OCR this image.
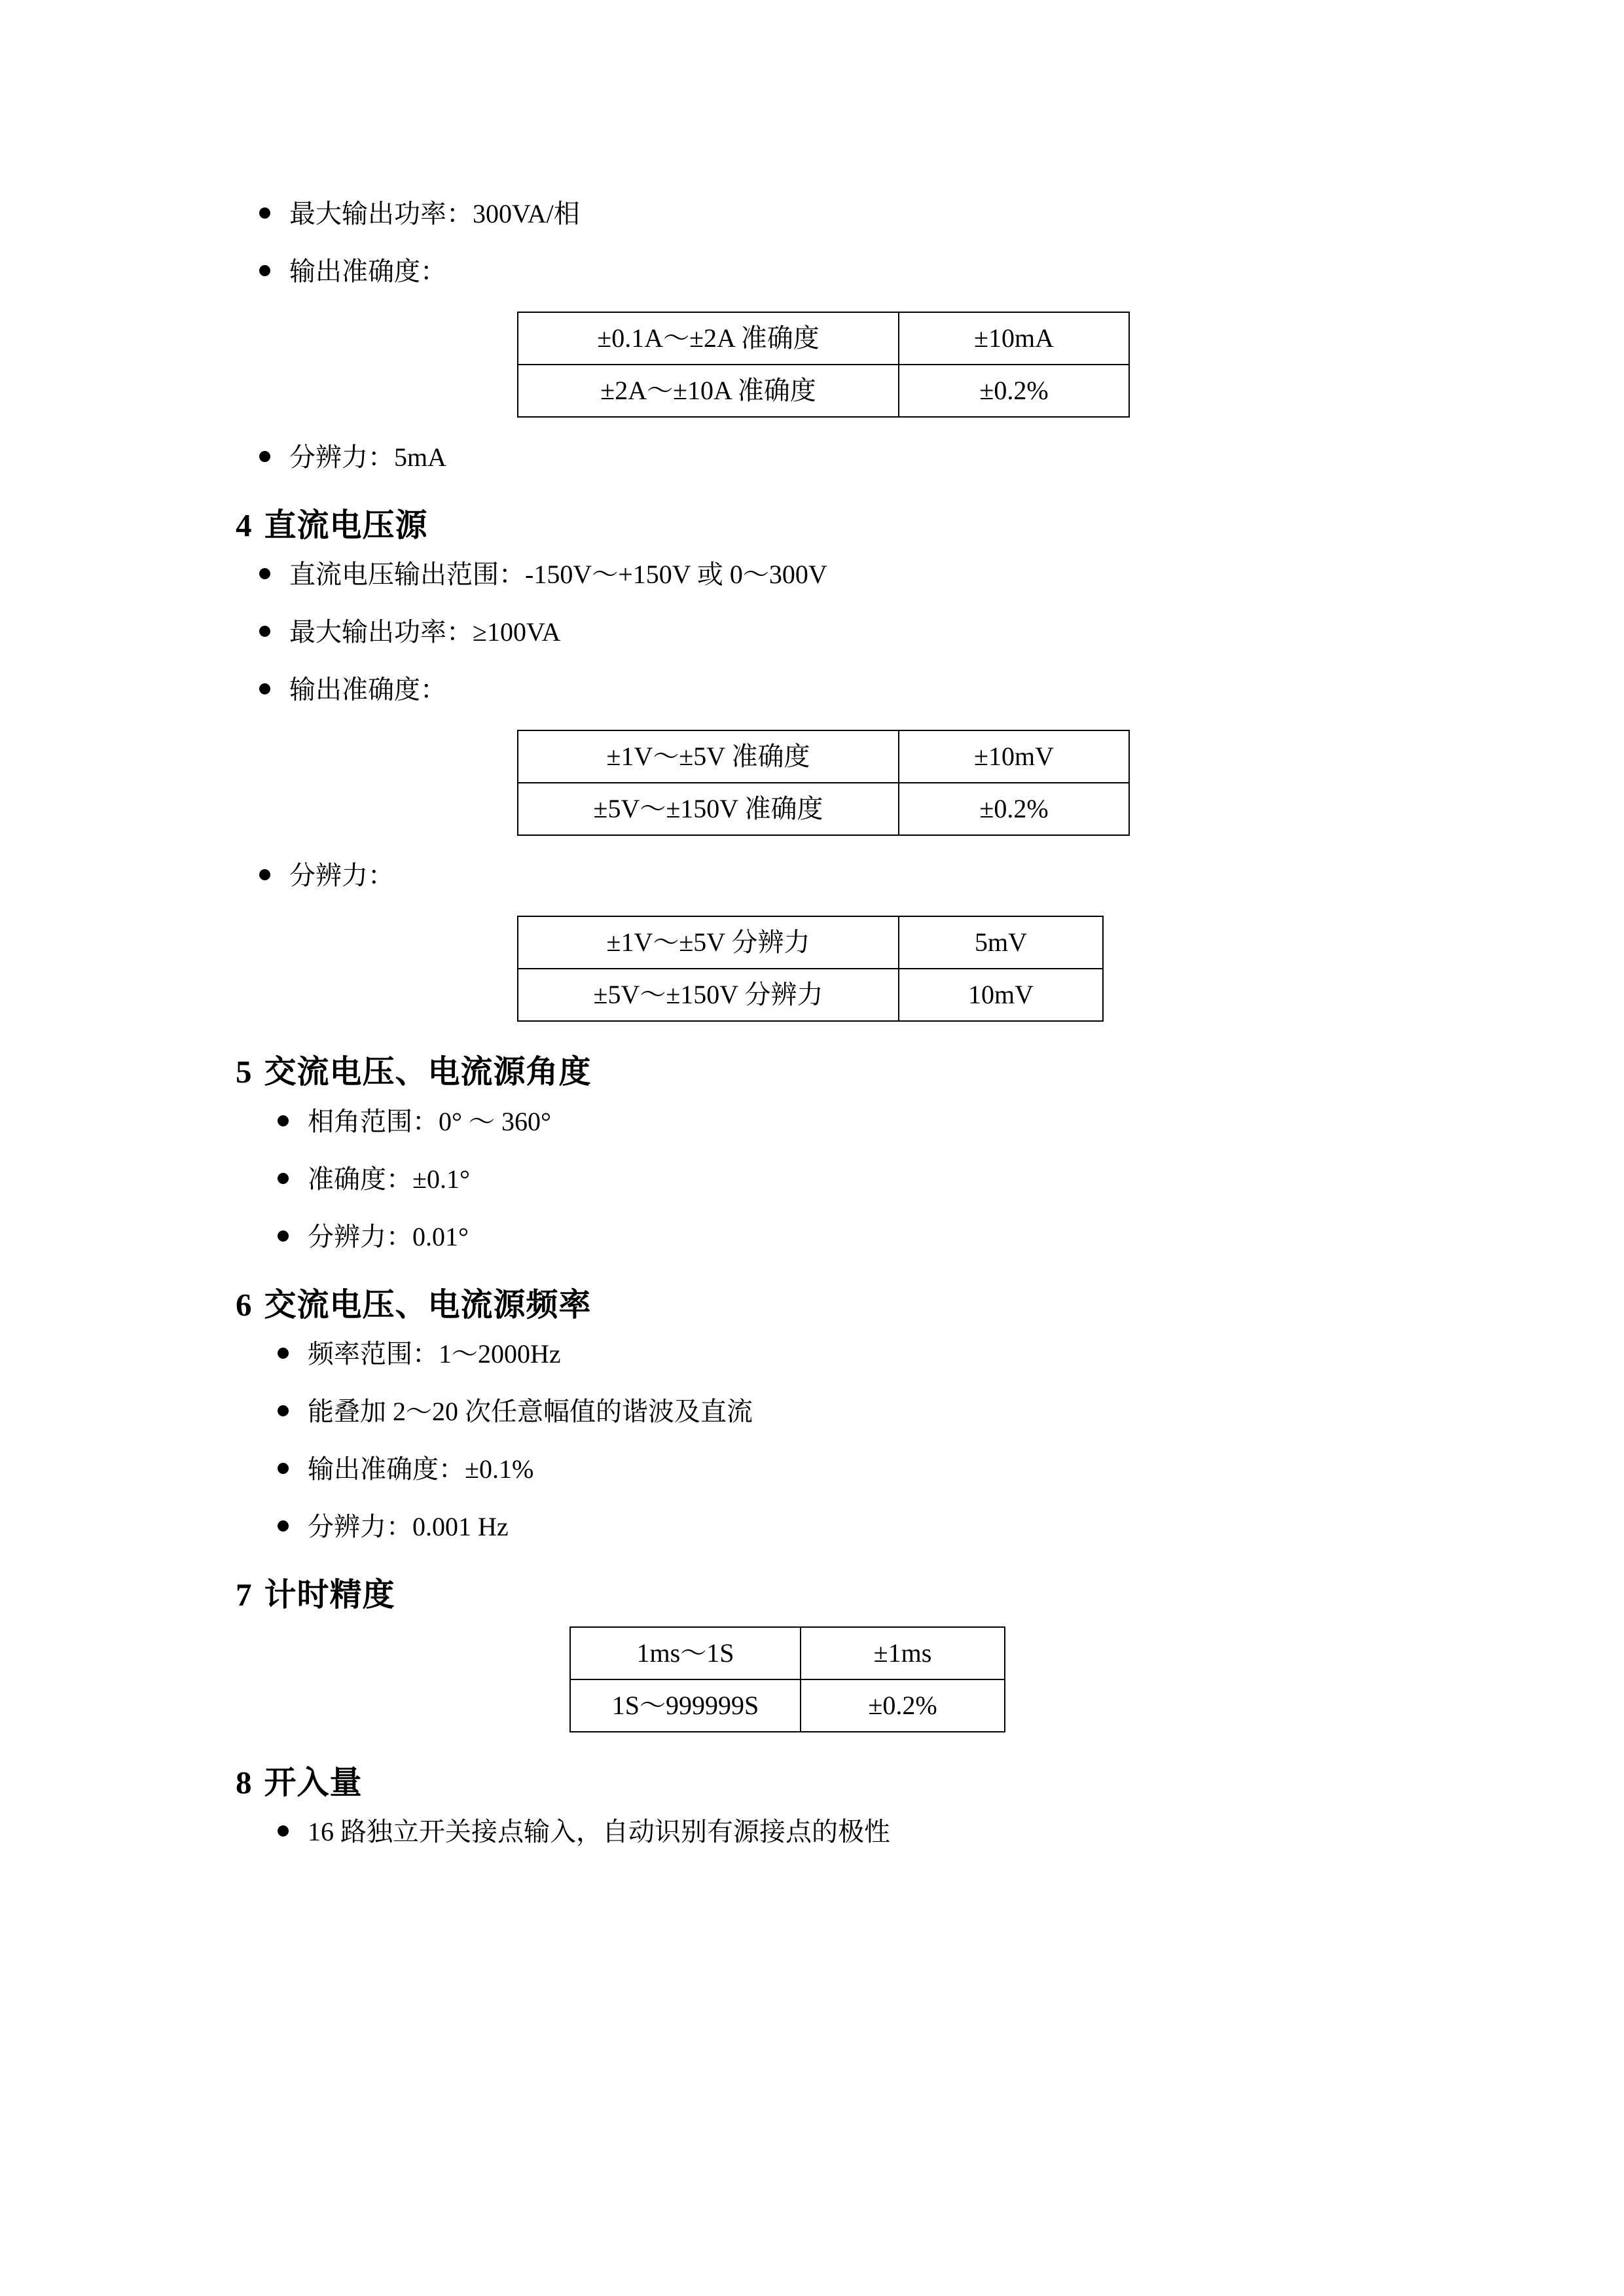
最大输出功率：300VA/相
输出准确度：
±0.1A～±2A 准确度	±10mA
±2A～±10A 准确度	±0.2%
分辨力：5mA
4 直流电压源
直流电压输出范围：-150V～+150V 或 0～300V
最大输出功率：≥100VA
输出准确度：
±1V～±5V 准确度	±10mV
±5V～±150V 准确度	±0.2%
分辨力：
±1V～±5V 分辨力	5mV
±5V～±150V 分辨力	10mV
5 交流电压、电流源角度
相角范围：0° ～ 360°
准确度：±0.1°
分辨力：0.01°
6 交流电压、电流源频率
频率范围：1～2000Hz
能叠加 2～20 次任意幅值的谐波及直流
输出准确度：±0.1%
分辨力：0.001 Hz
7 计时精度
1ms～1S	±1ms
1S～999999S	±0.2%
8 开入量
16 路独立开关接点输入，自动识别有源接点的极性
